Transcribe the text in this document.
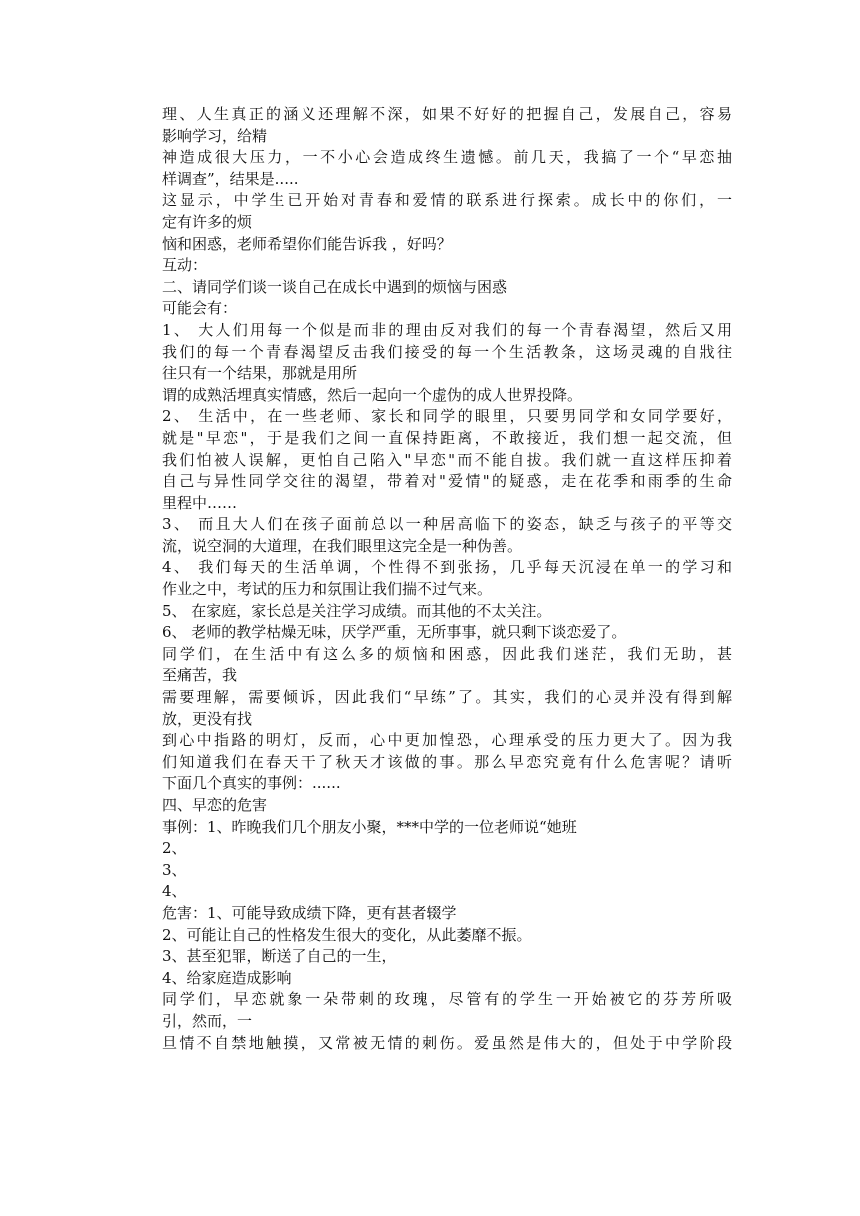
理、人生真正的涵义还理解不深，如果不好好的把握自己，发展自己，容易
影响学习，给精
神造成很大压力，一不小心会造成终生遗憾。前几天，我搞了一个“早恋抽
样调查”，结果是.....
这显示，中学生已开始对青春和爱情的联系进行探索。成长中的你们，一
定有许多的烦
恼和困惑，老师希望你们能告诉我 ，好吗？
互动：
二、请同学们谈一谈自己在成长中遇到的烦恼与困惑
可能会有：
1、 大人们用每一个似是而非的理由反对我们的每一个青春渴望，然后又用
我们的每一个青春渴望反击我们接受的每一个生活教条，这场灵魂的自戕往
往只有一个结果，那就是用所
谓的成熟活埋真实情感，然后一起向一个虚伪的成人世界投降。
2、 生活中，在一些老师、家长和同学的眼里，只要男同学和女同学要好，
就是"早恋"，于是我们之间一直保持距离，不敢接近，我们想一起交流，但
我们怕被人误解，更怕自己陷入"早恋"而不能自拔。我们就一直这样压抑着
自己与异性同学交往的渴望，带着对"爱情"的疑惑，走在花季和雨季的生命
里程中……
3、 而且大人们在孩子面前总以一种居高临下的姿态，缺乏与孩子的平等交
流，说空洞的大道理，在我们眼里这完全是一种伪善。
4、 我们每天的生活单调，个性得不到张扬，几乎每天沉浸在单一的学习和
作业之中，考试的压力和氛围让我们揣不过气来。
5、 在家庭，家长总是关注学习成绩。而其他的不太关注。
6、 老师的教学枯燥无味，厌学严重，无所事事，就只剩下谈恋爱了。
同学们，在生活中有这么多的烦恼和困惑，因此我们迷茫，我们无助，甚
至痛苦，我
需要理解，需要倾诉，因此我们“早练”了。其实，我们的心灵并没有得到解
放，更没有找
到心中指路的明灯，反而，心中更加惶恐，心理承受的压力更大了。因为我
们知道我们在春天干了秋天才该做的事。那么早恋究竟有什么危害呢？请听
下面几个真实的事例：......
四、早恋的危害
事例：1、昨晚我们几个朋友小聚，***中学的一位老师说“她班
2、
3、
4、
危害：1、可能导致成绩下降，更有甚者辍学
2、可能让自己的性格发生很大的变化，从此萎靡不振。
3、甚至犯罪，断送了自己的一生，
4、给家庭造成影响
同学们，早恋就象一朵带刺的玫瑰，尽管有的学生一开始被它的芬芳所吸
引，然而，一
旦情不自禁地触摸，又常被无情的刺伤。爱虽然是伟大的，但处于中学阶段
